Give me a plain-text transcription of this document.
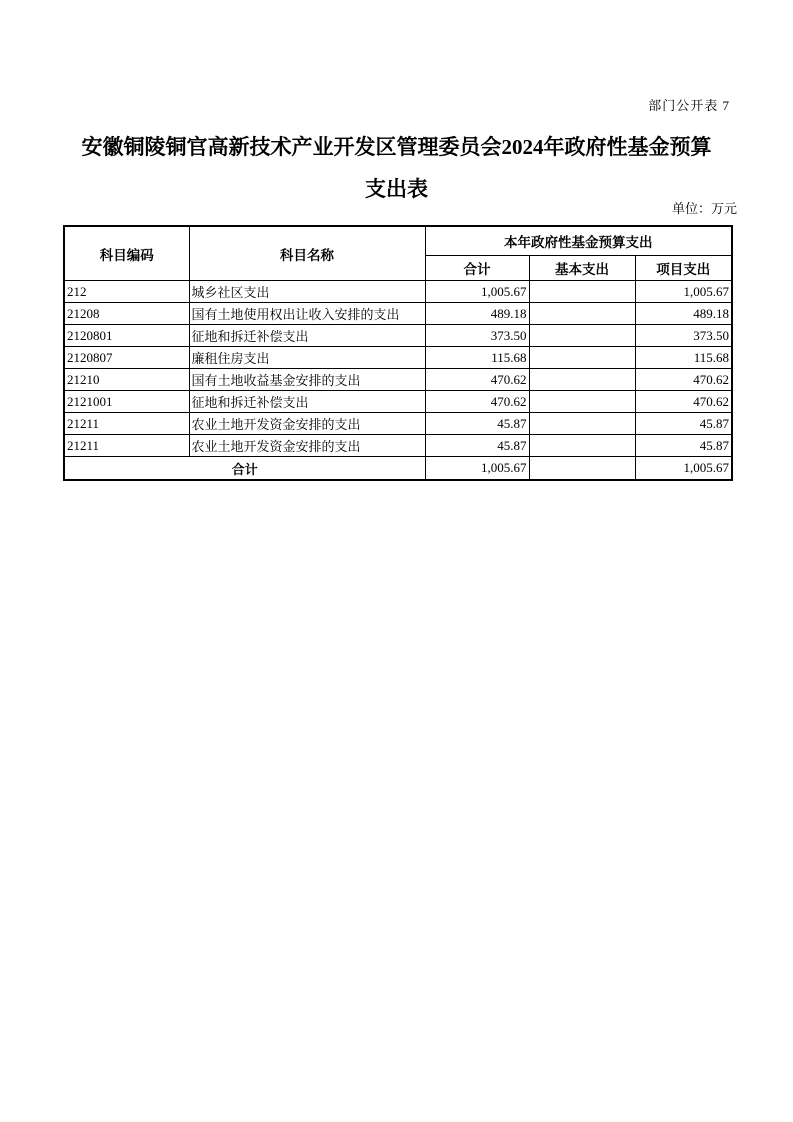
部门公开表 7
安徽铜陵铜官高新技术产业开发区管理委员会2024年政府性基金预算
支出表
单位：万元
科目编码	科目名称	本年政府性基金预算支出		
		合计	基本支出	项目支出
212	城乡社区支出	1,005.67		1,005.67
21208	国有土地使用权出让收入安排的支出	489.18		489.18
2120801	征地和拆迁补偿支出	373.50		373.50
2120807	廉租住房支出	115.68		115.68
21210	国有土地收益基金安排的支出	470.62		470.62
2121001	征地和拆迁补偿支出	470.62		470.62
21211	农业土地开发资金安排的支出	45.87		45.87
21211	农业土地开发资金安排的支出	45.87		45.87
合计		1,005.67		1,005.67
